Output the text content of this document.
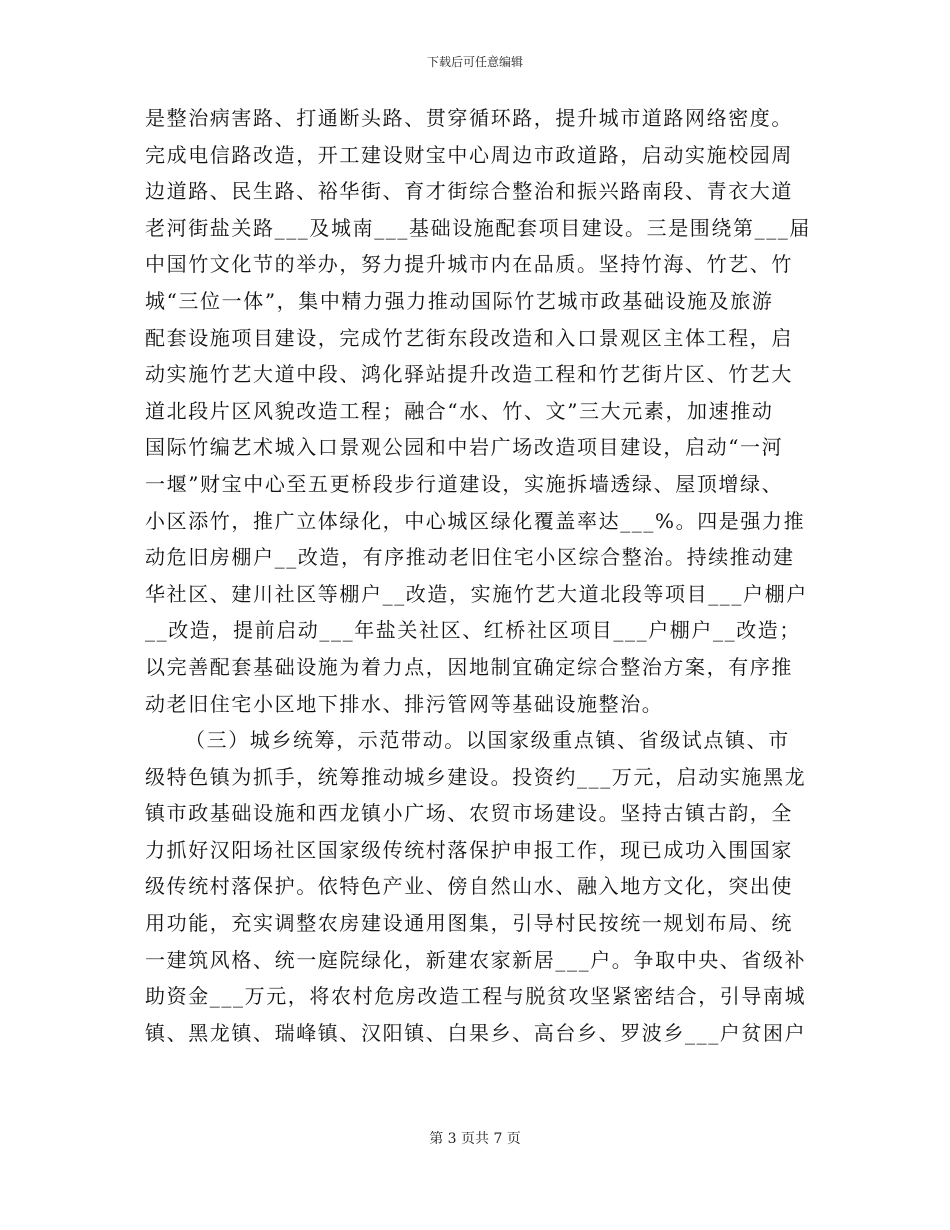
下载后可任意编辑
是整治病害路、打通断头路、贯穿循环路，提升城市道路网络密度。
完成电信路改造，开工建设财宝中心周边市政道路，启动实施校园周
边道路、民生路、裕华街、育才街综合整治和振兴路南段、青衣大道
老河街盐关路___及城南___基础设施配套项目建设。三是围绕第___届
中国竹文化节的举办，努力提升城市内在品质。坚持竹海、竹艺、竹
城“三位一体”，集中精力强力推动国际竹艺城市政基础设施及旅游
配套设施项目建设，完成竹艺街东段改造和入口景观区主体工程，启
动实施竹艺大道中段、鸿化驿站提升改造工程和竹艺街片区、竹艺大
道北段片区风貌改造工程；融合“水、竹、文”三大元素，加速推动
国际竹编艺术城入口景观公园和中岩广场改造项目建设，启动“一河
一堰”财宝中心至五更桥段步行道建设，实施拆墙透绿、屋顶增绿、
小区添竹，推广立体绿化，中心城区绿化覆盖率达___%。四是强力推
动危旧房棚户__改造，有序推动老旧住宅小区综合整治。持续推动建
华社区、建川社区等棚户__改造，实施竹艺大道北段等项目___户棚户
__改造，提前启动___年盐关社区、红桥社区项目___户棚户__改造；
以完善配套基础设施为着力点，因地制宜确定综合整治方案，有序推
动老旧住宅小区地下排水、排污管网等基础设施整治。
（三）城乡统筹，示范带动。以国家级重点镇、省级试点镇、市
级特色镇为抓手，统筹推动城乡建设。投资约___万元，启动实施黑龙
镇市政基础设施和西龙镇小广场、农贸市场建设。坚持古镇古韵，全
力抓好汉阳场社区国家级传统村落保护申报工作，现已成功入围国家
级传统村落保护。依特色产业、傍自然山水、融入地方文化，突出使
用功能，充实调整农房建设通用图集，引导村民按统一规划布局、统
一建筑风格、统一庭院绿化，新建农家新居___户。争取中央、省级补
助资金___万元，将农村危房改造工程与脱贫攻坚紧密结合，引导南城
镇、黑龙镇、瑞峰镇、汉阳镇、白果乡、高台乡、罗波乡___户贫困户
第 3 页共 7 页
